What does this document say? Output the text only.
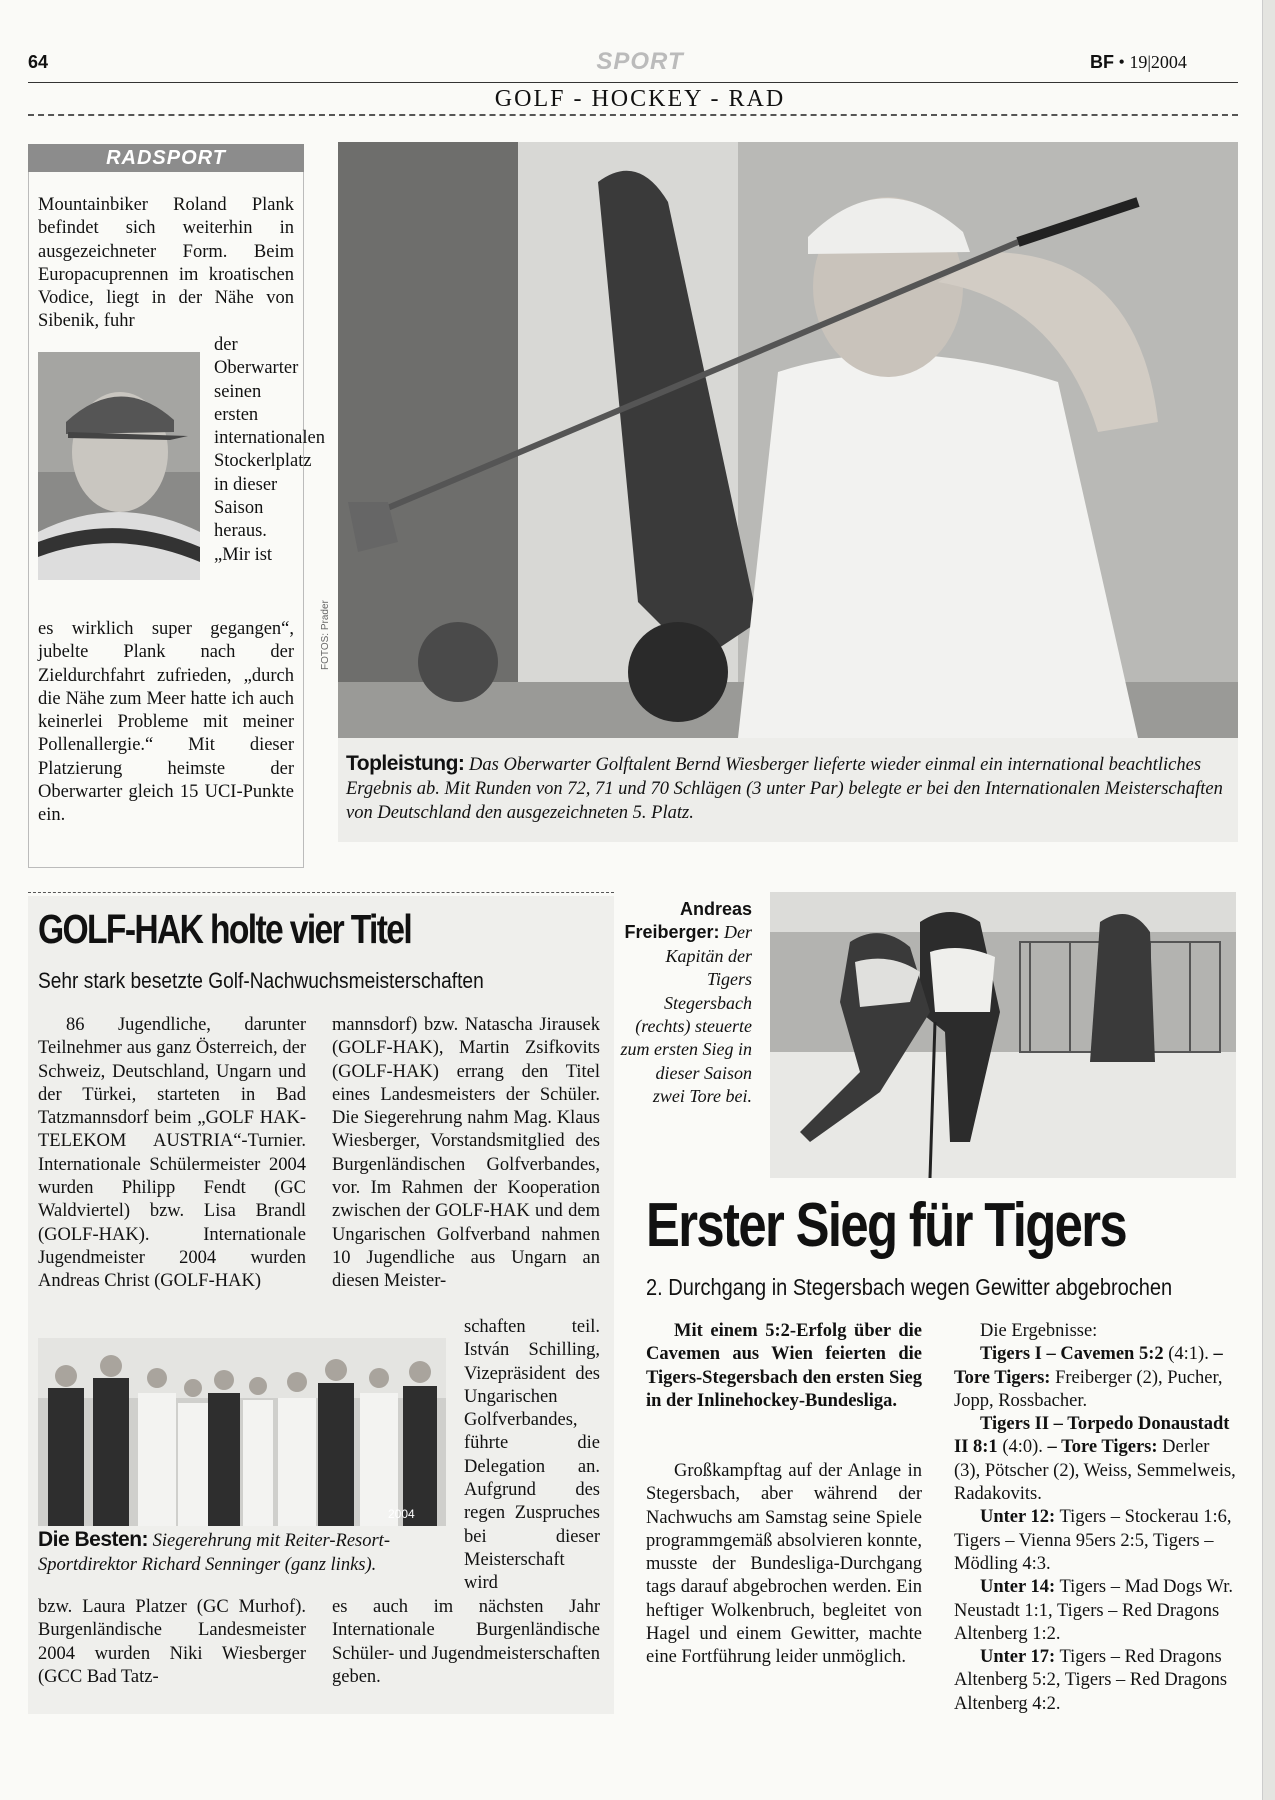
64	SPORT	BF • 19|2004
GOLF - HOCKEY - RAD
RADSPORT
Mountainbiker Roland Plank befindet sich weiterhin in ausgezeichneter Form. Beim Europacuprennen im kroatischen Vodice, liegt in der Nähe von Sibenik, fuhr
der Oberwarter seinen ersten internationalen Stockerlplatz in dieser Saison heraus. „Mir ist
es wirklich super gegangen“, jubelte Plank nach der Zieldurchfahrt zufrieden, „durch die Nähe zum Meer hatte ich auch keinerlei Probleme mit meiner Pollenallergie.“ Mit dieser Platzierung heimste der Oberwarter gleich 15 UCI-Punkte ein.
FOTOS: Prader
Topleistung: Das Oberwarter Golftalent Bernd Wiesberger lieferte wieder einmal ein international beachtliches Ergebnis ab. Mit Runden von 72, 71 und 70 Schlägen (3 unter Par) belegte er bei den Internationalen Meisterschaften von Deutschland den ausgezeichneten 5. Platz.
GOLF-HAK holte vier Titel
Sehr stark besetzte Golf-Nachwuchsmeisterschaften
86 Jugendliche, darunter Teilnehmer aus ganz Österreich, der Schweiz, Deutschland, Ungarn und der Türkei, starteten in Bad Tatzmannsdorf beim „GOLF HAK-TELEKOM AUSTRIA“-Turnier. Internationale Schülermeister 2004 wurden Philipp Fendt (GC Waldviertel) bzw. Lisa Brandl (GOLF-HAK). Internationale Jugendmeister 2004 wurden Andreas Christ (GOLF-HAK)
mannsdorf) bzw. Natascha Jirausek (GOLF-HAK), Martin Zsifkovits (GOLF-HAK) errang den Titel eines Landesmeisters der Schüler. Die Siegerehrung nahm Mag. Klaus Wiesberger, Vorstandsmitglied des Burgenländischen Golfverbandes, vor. Im Rahmen der Kooperation zwischen der GOLF-HAK und dem Ungarischen Golfverband nahmen 10 Jugendliche aus Ungarn an diesen Meister-
2004
schaften teil. István Schilling, Vizepräsident des Ungarischen Golfverbandes, führte die Delegation an. Aufgrund des regen Zuspruches bei dieser Meisterschaft wird
Die Besten: Siegerehrung mit Reiter-Resort-Sportdirektor Richard Senninger (ganz links).
bzw. Laura Platzer (GC Murhof). Burgenländische Landesmeister 2004 wurden Niki Wiesberger (GCC Bad Tatz-
es auch im nächsten Jahr Internationale Burgenländische Schüler- und Jugendmeisterschaften geben.
Andreas Freiberger: Der Kapitän der Tigers Stegersbach (rechts) steuerte zum ersten Sieg in dieser Saison zwei Tore bei.
Erster Sieg für Tigers
2. Durchgang in Stegersbach wegen Gewitter abgebrochen
Mit einem 5:2-Erfolg über die Cavemen aus Wien feierten die Tigers-Stegersbach den ersten Sieg in der Inlinehockey-Bundesliga.
Großkampftag auf der Anlage in Stegersbach, aber während der Nachwuchs am Samstag seine Spiele programmgemäß absolvieren konnte, musste der Bundesliga-Durchgang tags darauf abgebrochen werden. Ein heftiger Wolkenbruch, begleitet von Hagel und einem Gewitter, machte eine Fortführung leider unmöglich.

Die Ergebnisse:

Tigers I – Cavemen 5:2 (4:1). – Tore Tigers: Freiberger (2), Pucher, Jopp, Rossbacher.

Tigers II – Torpedo Donaustadt II 8:1 (4:0). – Tore Tigers: Derler (3), Pötscher (2), Weiss, Semmelweis, Radakovits.

Unter 12: Tigers – Stockerau 1:6, Tigers – Vienna 95ers 2:5, Tigers – Mödling 4:3.

Unter 14: Tigers – Mad Dogs Wr. Neustadt 1:1, Tigers – Red Dragons Altenberg 1:2.

Unter 17: Tigers – Red Dragons Altenberg 5:2, Tigers – Red Dragons Altenberg 4:2.
